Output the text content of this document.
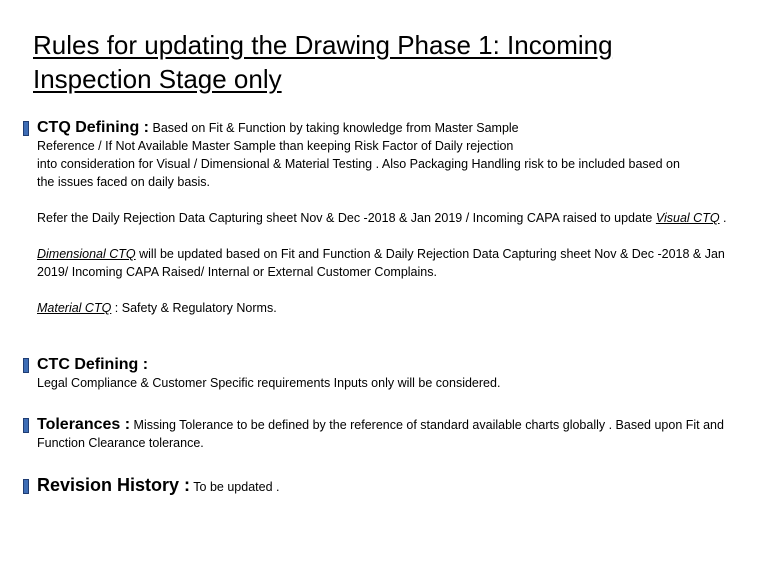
Rules for updating the Drawing Phase 1: Incoming
Inspection Stage only

CTQ Defining : Based on Fit & Function by taking knowledge from Master Sample

Reference / If Not Available Master Sample than keeping Risk Factor of Daily rejection

into consideration for Visual / Dimensional & Material Testing . Also Packaging Handling risk to be included based on

the issues faced on daily basis.

Refer the Daily Rejection Data Capturing sheet Nov & Dec -2018 & Jan 2019 / Incoming CAPA raised to update Visual CTQ .

Dimensional CTQ will be updated based on Fit and Function & Daily Rejection Data Capturing sheet Nov & Dec -2018 & Jan 2019/ Incoming CAPA Raised/ Internal or External Customer Complains.

Material CTQ : Safety & Regulatory Norms.

CTC Defining :

Legal Compliance & Customer Specific requirements Inputs only will be considered.

Tolerances : Missing Tolerance to be defined by the reference of standard available charts globally . Based upon Fit and Function Clearance tolerance.

Revision History : To be updated .
